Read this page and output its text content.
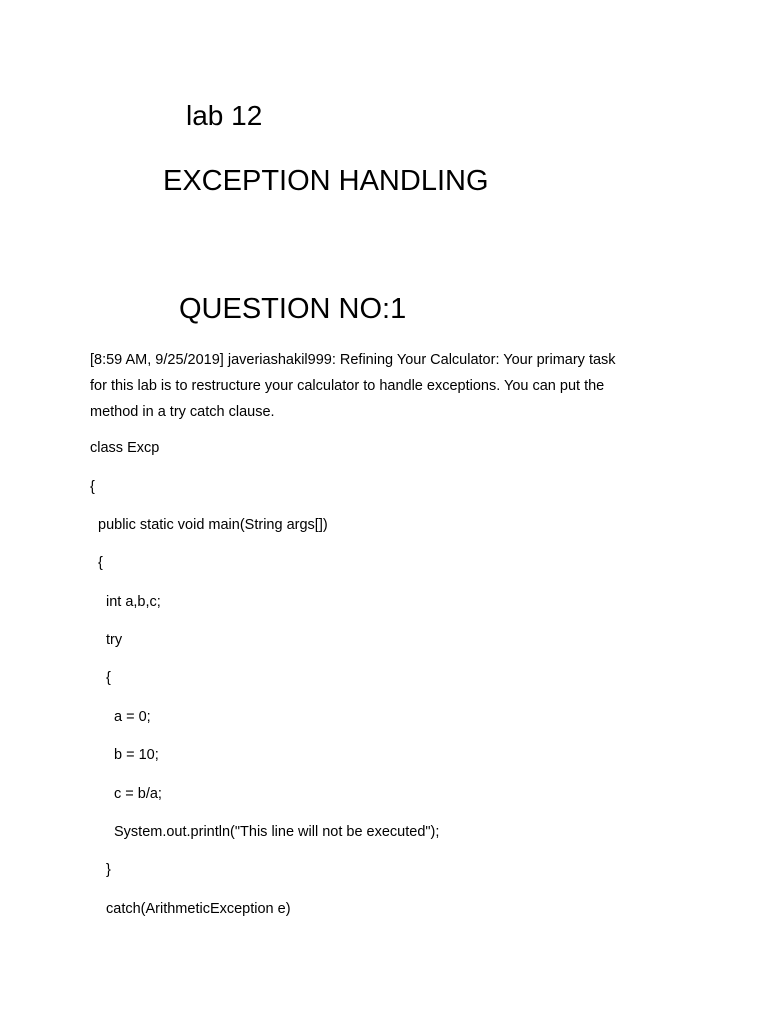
lab 12
EXCEPTION HANDLING
QUESTION NO:1
[8:59 AM, 9/25/2019] javeriashakil999: Refining Your Calculator: Your primary task
for this lab is to restructure your calculator to handle exceptions. You can put the
method in a try catch clause.
class Excp
{
public static void main(String args[])
{
int a,b,c;
try
{
a = 0;
b = 10;
c = b/a;
System.out.println("This line will not be executed");
}
catch(ArithmeticException e)
